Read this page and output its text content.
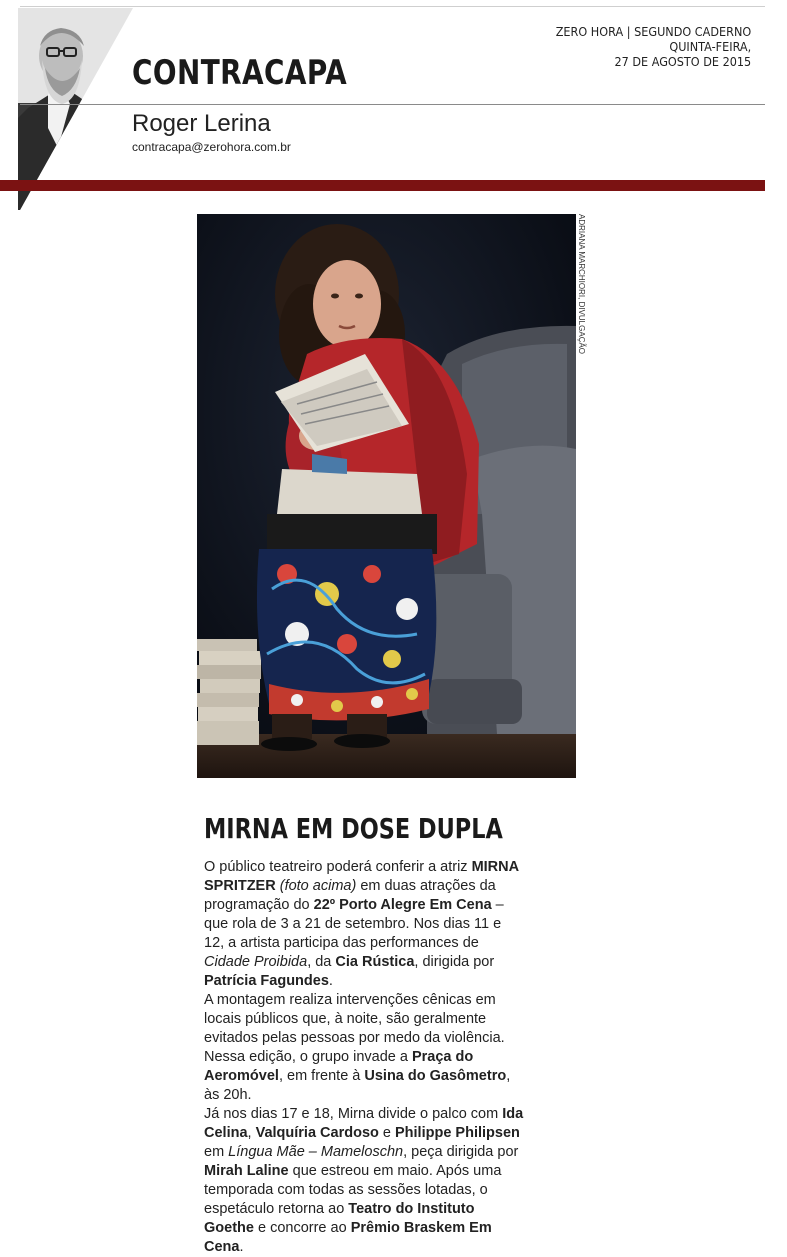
CONTRACAPA
ZERO HORA | SEGUNDO CADERNO
QUINTA-FEIRA,
27 DE AGOSTO DE 2015
Roger Lerina
contracapa@zerohora.com.br
ADRIANA MARCHIORI, DIVULGAÇÃO
MIRNA EM DOSE DUPLA

O público teatreiro poderá conferir a atriz MIRNA SPRITZER (foto acima) em duas atrações da programação do 22º Porto Alegre Em Cena – que rola de 3 a 21 de setembro. Nos dias 11 e 12, a artista participa das performances de Cidade Proibida, da Cia Rústica, dirigida por Patrícia Fagundes.

A montagem realiza intervenções cênicas em locais públicos que, à noite, são geralmente evitados pelas pessoas por medo da violência. Nessa edição, o grupo invade a Praça do Aeromóvel, em frente à Usina do Gasômetro, às 20h.

Já nos dias 17 e 18, Mirna divide o palco com Ida Celina, Valquíria Cardoso e Philippe Philipsen em Língua Mãe – Mameloschn, peça dirigida por Mirah Laline que estreou em maio. Após uma temporada com todas as sessões lotadas, o espetáculo retorna ao Teatro do Instituto Goethe e concorre ao Prêmio Braskem Em Cena.
